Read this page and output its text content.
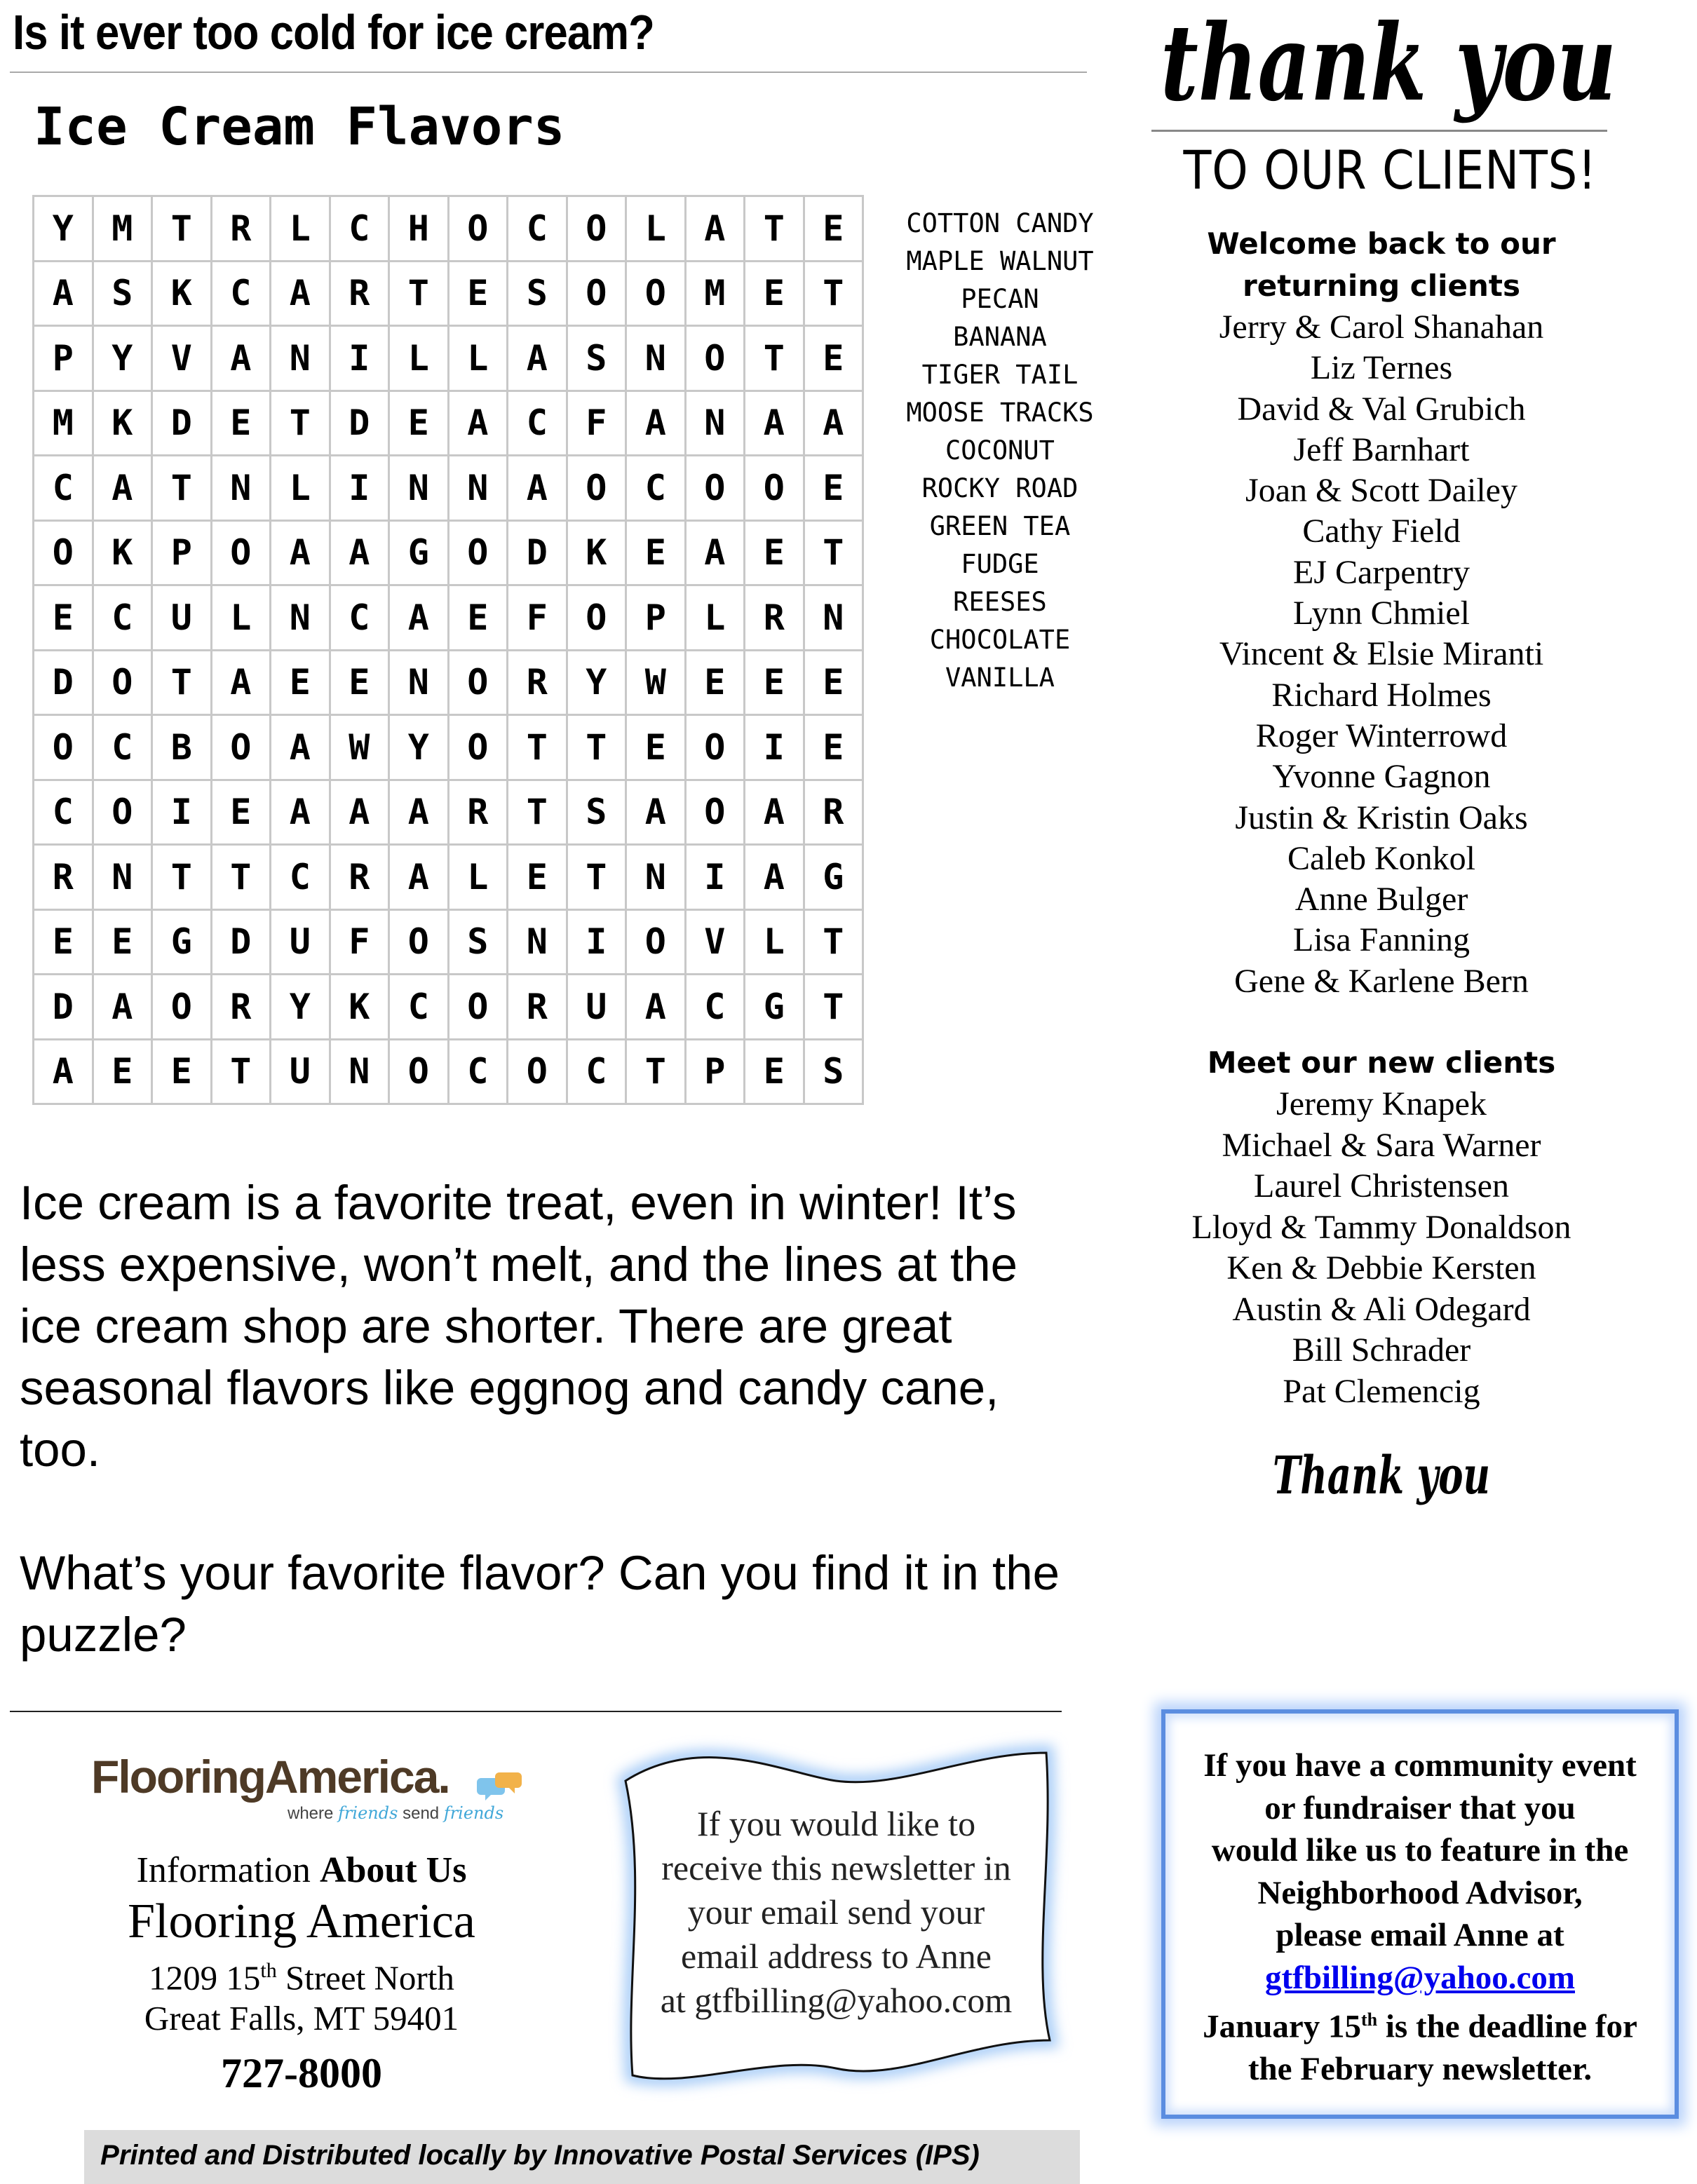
Is it ever too cold for ice cream?
Ice Cream Flavors
Y	M	T	R	L	C	H	O	C	O	L	A	T	E
A	S	K	C	A	R	T	E	S	O	O	M	E	T
P	Y	V	A	N	I	L	L	A	S	N	O	T	E
M	K	D	E	T	D	E	A	C	F	A	N	A	A
C	A	T	N	L	I	N	N	A	O	C	O	O	E
O	K	P	O	A	A	G	O	D	K	E	A	E	T
E	C	U	L	N	C	A	E	F	O	P	L	R	N
D	O	T	A	E	E	N	O	R	Y	W	E	E	E
O	C	B	O	A	W	Y	O	T	T	E	O	I	E
C	O	I	E	A	A	A	R	T	S	A	O	A	R
R	N	T	T	C	R	A	L	E	T	N	I	A	G
E	E	G	D	U	F	O	S	N	I	O	V	L	T
D	A	O	R	Y	K	C	O	R	U	A	C	G	T
A	E	E	T	U	N	O	C	O	C	T	P	E	S
COTTON CANDY
MAPLE WALNUT
PECAN
BANANA
TIGER TAIL
MOOSE TRACKS
COCONUT
ROCKY ROAD
GREEN TEA
FUDGE
REESES
CHOCOLATE
VANILLA

Ice cream is a favorite treat, even in winter! It’s less expensive, won’t melt, and the lines at the ice cream shop are shorter. There are great seasonal flavors like eggnog and candy cane, too.

What’s your favorite flavor? Can you find it in the puzzle?

FlooringAmerica.
where friends send friends
Information About Us
Flooring America
1209 15th Street North
Great Falls, MT 59401
727-8000
If you would like to
receive this newsletter in
your email send your
email address to Anne
at gtfbilling@yahoo.com
Printed and Distributed locally by Innovative Postal Services (IPS)
thank you
TO OUR CLIENTS!
Welcome back to our
returning clients
Jerry & Carol Shanahan
Liz Ternes
David & Val Grubich
Jeff Barnhart
Joan & Scott Dailey
Cathy Field
EJ Carpentry
Lynn Chmiel
Vincent & Elsie Miranti
Richard Holmes
Roger Winterrowd
Yvonne Gagnon
Justin & Kristin Oaks
Caleb Konkol
Anne Bulger
Lisa Fanning
Gene & Karlene Bern
Meet our new clients
Jeremy Knapek
Michael & Sara Warner
Laurel Christensen
Lloyd & Tammy Donaldson
Ken & Debbie Kersten
Austin & Ali Odegard
Bill Schrader
Pat Clemencig
Thank you
If you have a community event
or fundraiser that you
would like us to feature in the
Neighborhood Advisor,
please email Anne at
gtfbilling@yahoo.com
January 15th is the deadline for
the February newsletter.
